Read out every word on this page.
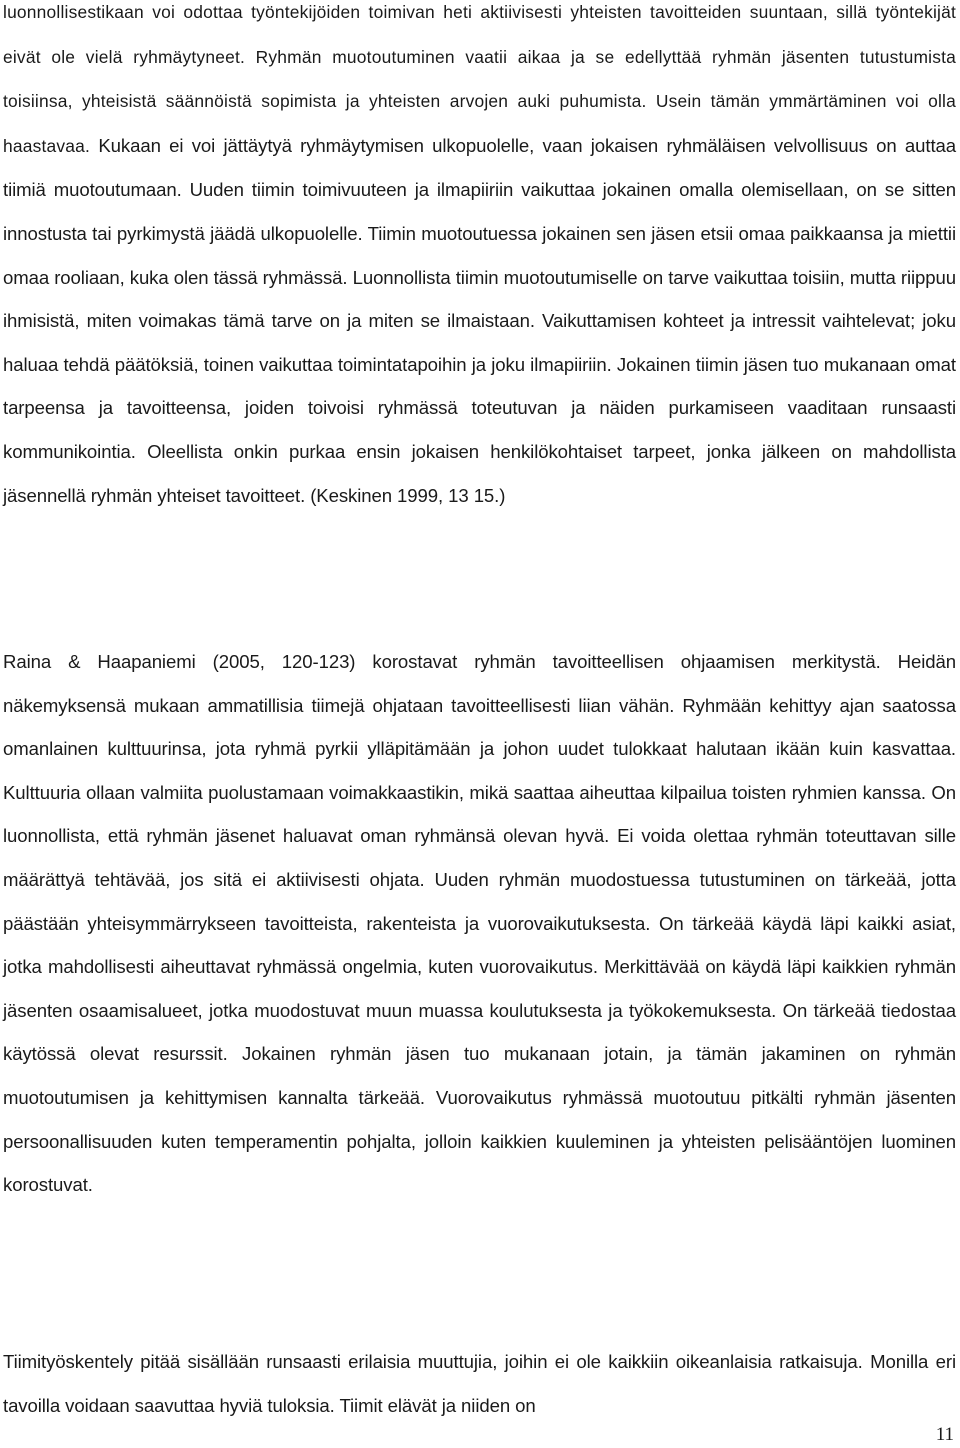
luonnollisestikaan voi odottaa työntekijöiden toimivan heti aktiivisesti yhteisten tavoitteiden suuntaan, sillä työntekijät eivät ole vielä ryhmäytyneet. Ryhmän muotoutuminen vaatii aikaa ja se edellyttää ryhmän jäsenten tutustumista toisiinsa, yhteisistä säännöistä sopimista ja yhteisten arvojen auki puhumista. Usein tämän ymmärtäminen voi olla haastavaa. Kukaan ei voi jättäytyä ryhmäytymisen ulkopuolelle, vaan jokaisen ryhmäläisen velvollisuus on auttaa tiimiä muotoutumaan. Uuden tiimin toimivuuteen ja ilmapiiriin vaikuttaa jokainen omalla olemisellaan, on se sitten innostusta tai pyrkimystä jäädä ulkopuolelle. Tiimin muotoutuessa jokainen sen jäsen etsii omaa paikkaansa ja miettii omaa rooliaan, kuka olen tässä ryhmässä. Luonnollista tiimin muotoutumiselle on tarve vaikuttaa toisiin, mutta riippuu ihmisistä, miten voimakas tämä tarve on ja miten se ilmaistaan. Vaikuttamisen kohteet ja intressit vaihtelevat; joku haluaa tehdä päätöksiä, toinen vaikuttaa toimintatapoihin ja joku ilmapiiriin. Jokainen tiimin jäsen tuo mukanaan omat tarpeensa ja tavoitteensa, joiden toivoisi ryhmässä toteutuvan ja näiden purkamiseen vaaditaan runsaasti kommunikointia. Oleellista onkin purkaa ensin jokaisen henkilökohtaiset tarpeet, jonka jälkeen on mahdollista jäsennellä ryhmän yhteiset tavoitteet. (Keskinen 1999, 13 15.)

Raina & Haapaniemi (2005, 120-123) korostavat ryhmän tavoitteellisen ohjaamisen merkitystä. Heidän näkemyksensä mukaan ammatillisia tiimejä ohjataan tavoitteellisesti liian vähän. Ryhmään kehittyy ajan saatossa omanlainen kulttuurinsa, jota ryhmä pyrkii ylläpitämään ja johon uudet tulokkaat halutaan ikään kuin kasvattaa. Kulttuuria ollaan valmiita puolustamaan voimakkaastikin, mikä saattaa aiheuttaa kilpailua toisten ryhmien kanssa. On luonnollista, että ryhmän jäsenet haluavat oman ryhmänsä olevan hyvä. Ei voida olettaa ryhmän toteuttavan sille määrättyä tehtävää, jos sitä ei aktiivisesti ohjata. Uuden ryhmän muodostuessa tutustuminen on tärkeää, jotta päästään yhteisymmärrykseen tavoitteista, rakenteista ja vuorovaikutuksesta. On tärkeää käydä läpi kaikki asiat, jotka mahdollisesti aiheuttavat ryhmässä ongelmia, kuten vuorovaikutus. Merkittävää on käydä läpi kaikkien ryhmän jäsenten osaamisalueet, jotka muodostuvat muun muassa koulutuksesta ja työkokemuksesta. On tärkeää tiedostaa käytössä olevat resurssit. Jokainen ryhmän jäsen tuo mukanaan jotain, ja tämän jakaminen on ryhmän muotoutumisen ja kehittymisen kannalta tärkeää. Vuorovaikutus ryhmässä muotoutuu pitkälti ryhmän jäsenten persoonallisuuden kuten temperamentin pohjalta, jolloin kaikkien kuuleminen ja yhteisten pelisääntöjen luominen korostuvat.

Tiimityöskentely pitää sisällään runsaasti erilaisia muuttujia, joihin ei ole kaikkiin oikeanlaisia ratkaisuja. Monilla eri tavoilla voidaan saavuttaa hyviä tuloksia. Tiimit elävät ja niiden on

11
